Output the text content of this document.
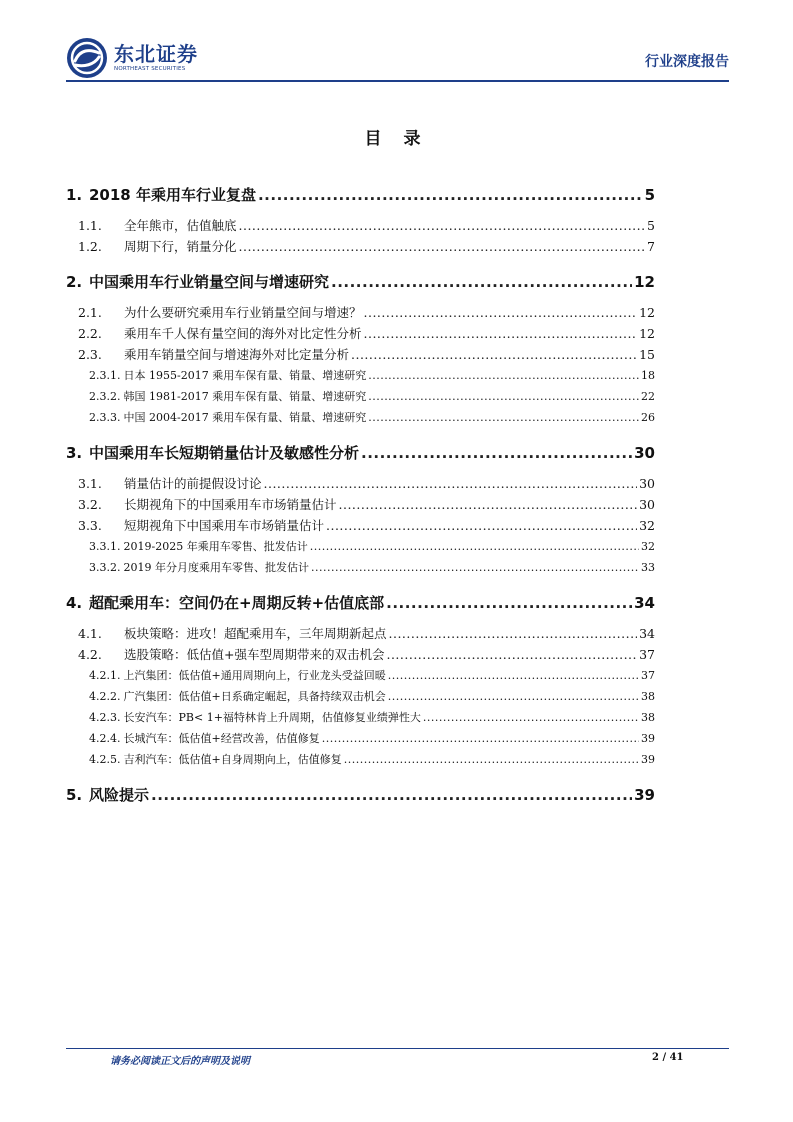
东北证券
NORTHEAST SECURITIES	行业深度报告
目 录
1. 2018 年乘用车行业复盘 .....	5
1.1.	全年熊市，估值触底 .....	5
1.2.	周期下行，销量分化 .....	7
2. 中国乘用车行业销量空间与增速研究 .....	12
2.1.	为什么要研究乘用车行业销量空间与增速？ .....	12
2.2.	乘用车千人保有量空间的海外对比定性分析 .....	12
2.3.	乘用车销量空间与增速海外对比定量分析 .....	15
2.3.1. 日本 1955-2017 乘用车保有量、销量、增速研究 .....	18
2.3.2. 韩国 1981-2017 乘用车保有量、销量、增速研究 .....	22
2.3.3. 中国 2004-2017 乘用车保有量、销量、增速研究 .....	26
3. 中国乘用车长短期销量估计及敏感性分析 .....	30
3.1.	销量估计的前提假设讨论 .....	30
3.2.	长期视角下的中国乘用车市场销量估计 .....	30
3.3.	短期视角下中国乘用车市场销量估计 .....	32
3.3.1. 2019-2025 年乘用车零售、批发估计 .....	32
3.3.2. 2019 年分月度乘用车零售、批发估计 .....	33
4. 超配乘用车：空间仍在+周期反转+估值底部 .....	34
4.1.	板块策略：进攻！超配乘用车，三年周期新起点 .....	34
4.2.	选股策略：低估值+强车型周期带来的双击机会 .....	37
4.2.1. 上汽集团：低估值+通用周期向上，行业龙头受益回暖 .....	37
4.2.2. 广汽集团：低估值+日系确定崛起，具备持续双击机会 .....	38
4.2.3. 长安汽车：PB< 1+福特林肯上升周期，估值修复业绩弹性大 .....	38
4.2.4. 长城汽车：低估值+经营改善，估值修复 .....	39
4.2.5. 吉利汽车：低估值+自身周期向上，估值修复 .....	39
5. 风险提示 .....	39
请务必阅读正文后的声明及说明	2 / 41
